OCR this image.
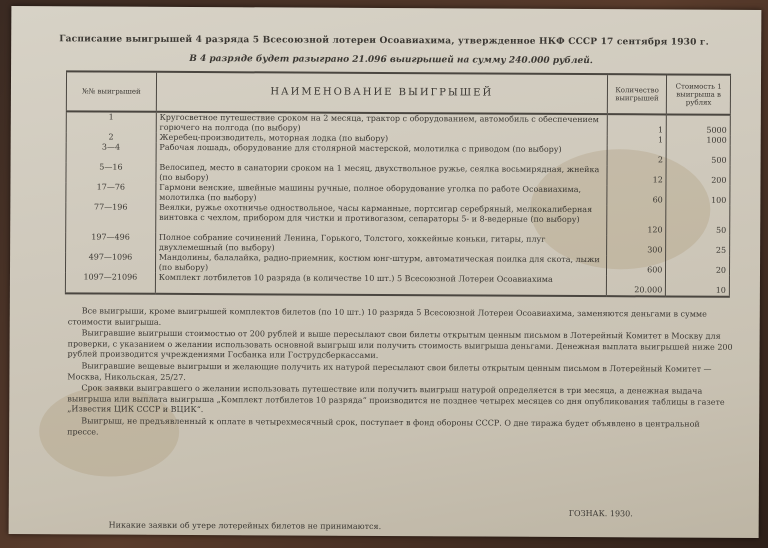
Гасписание выигрышей 4 разряда 5 Всесоюзной лотереи Осоавиахима, утвержденное НКФ СССР 17 сентября 1930 г.
В 4 разряде будет разыграно 21.096 выигрышей на сумму 240.000 рублей.
№№ выигрышей	НАИМЕНОВАНИЕ ВЫИГРЫШЕЙ	Количество выигрышей	Стоимость 1 выигрыша в рублях
1	Кругосветное путешествие сроком на 2 месяца, трактор с оборудованием, автомобиль с обеспечением горючего на полгода (по выбору)	1	5000
2	Жеребец-производитель, моторная лодка (по выбору)	1	1000
3—4	Рабочая лошадь, оборудование для столярной мастерской, молотилка с приводом (по выбору)	2	500
5—16	Велосипед, место в санатории сроком на 1 месяц, двухствольное ружье, сеялка восьмирядная, жнейка (по выбору)	12	200
17—76	Гармони венские, швейные машины ручные, полное оборудование уголка по работе Осоавиахима, молотилка (по выбору)	60	100
77—196	Веялки, ружье охотничье одноствольное, часы карманные, портсигар серебряный, мелкокалиберная винтовка с чехлом, прибором для чистки и противогазом, сепараторы 5- и 8-ведерные (по выбору)	120	50
197—496	Полное собрание сочинений Ленина, Горького, Толстого, хоккейные коньки, гитары, плуг двухлемешный (по выбору)	300	25
497—1096	Мандолины, балалайка, радио-приемник, костюм юнг-штурм, автоматическая поилка для скота, лыжи (по выбору)	600	20
1097—21096	Комплект лотбилетов 10 разряда (в количестве 10 шт.) 5 Всесоюзной Лотереи Осоавиахима	20.000	10

Все выигрыши, кроме выигрышей комплектов билетов (по 10 шт.) 10 разряда 5 Всесоюзной Лотереи Осоавиахима, заменяются деньгами в сумме стоимости выигрыша.

Выигравшие выигрыши стоимостью от 200 рублей и выше пересылают свои билеты открытым ценным письмом в Лотерейный Комитет в Москву для проверки, с указанием о желании использовать основной выигрыш или получить стоимость выигрыша деньгами. Денежная выплата выигрышей ниже 200 рублей производится учреждениями Госбанка или Гострудсберкассами.

Выигравшие вещевые выигрыши и желающие получить их натурой пересылают свои билеты открытым ценным письмом в Лотерейный Комитет — Москва, Никольская, 25/27.

Срок заявки выигравшего о желании использовать путешествие или получить выигрыш натурой определяется в три месяца, а денежная выдача выигрыша или выплата выигрыша „Комплект лотбилетов 10 разряда“ производится не позднее четырех месяцев со дня опубликования таблицы в газете „Известия ЦИК СССР и ВЦИК“.

Выигрыш, не предъявленный к оплате в четырехмесячный срок, поступает в фонд обороны СССР. О дне тиража будет объявлено в центральной прессе.

ГОЗНАК. 1930.
Никакие заявки об утере лотерейных билетов не принимаются.
